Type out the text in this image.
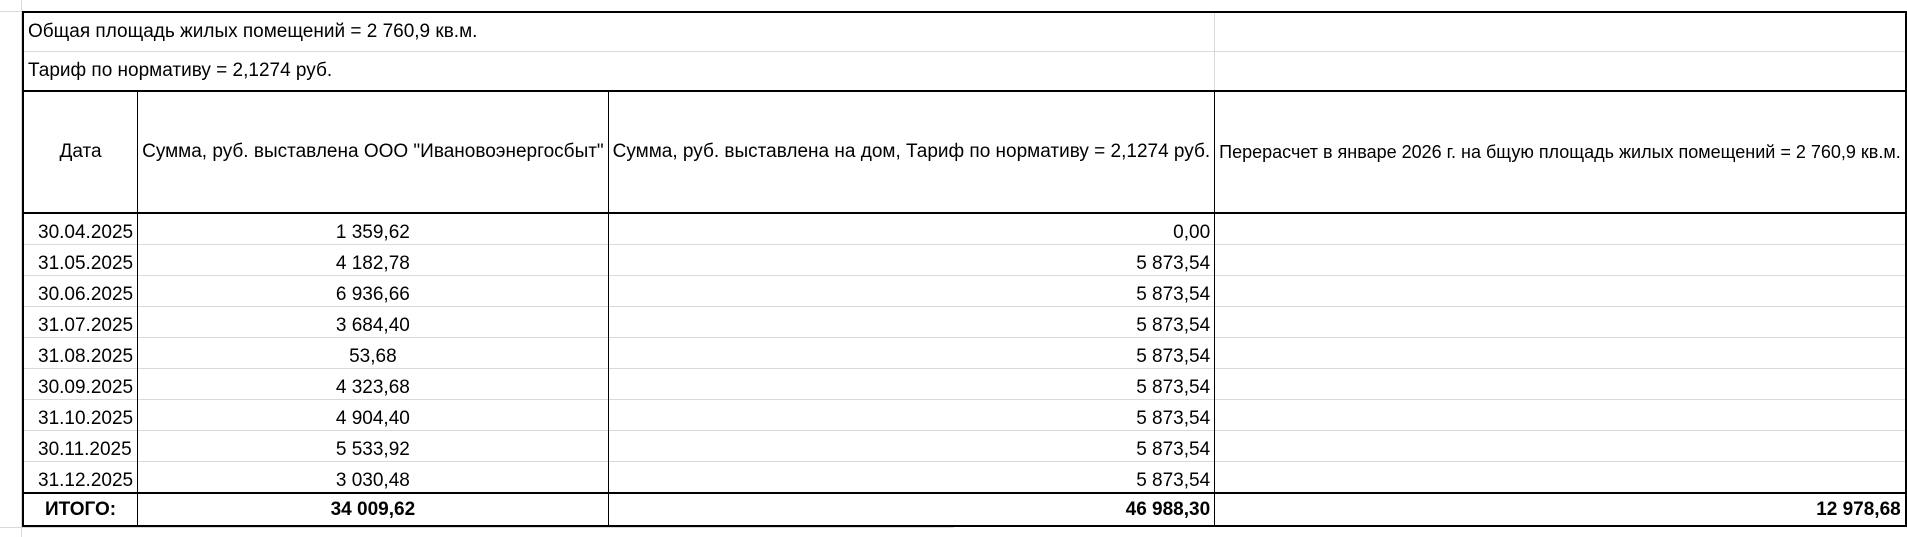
Общая площадь жилых помещений = 2 760,9 кв.м.			
Тариф по нормативу = 2,1274 руб.			
Дата	Сумма, руб. выставлена ООО "Ивановоэнергосбыт"	Сумма, руб. выставлена на дом, Тариф по нормативу = 2,1274 руб.	Перерасчет в январе 2026 г. на бщую площадь жилых помещений = 2 760,9 кв.м.
30.04.2025	1 359,62	0,00	
31.05.2025	4 182,78	5 873,54	
30.06.2025	6 936,66	5 873,54	
31.07.2025	3 684,40	5 873,54	
31.08.2025	53,68	5 873,54	
30.09.2025	4 323,68	5 873,54	
31.10.2025	4 904,40	5 873,54	
30.11.2025	5 533,92	5 873,54	
31.12.2025	3 030,48	5 873,54	
ИТОГО:	34 009,62	46 988,30	12 978,68
